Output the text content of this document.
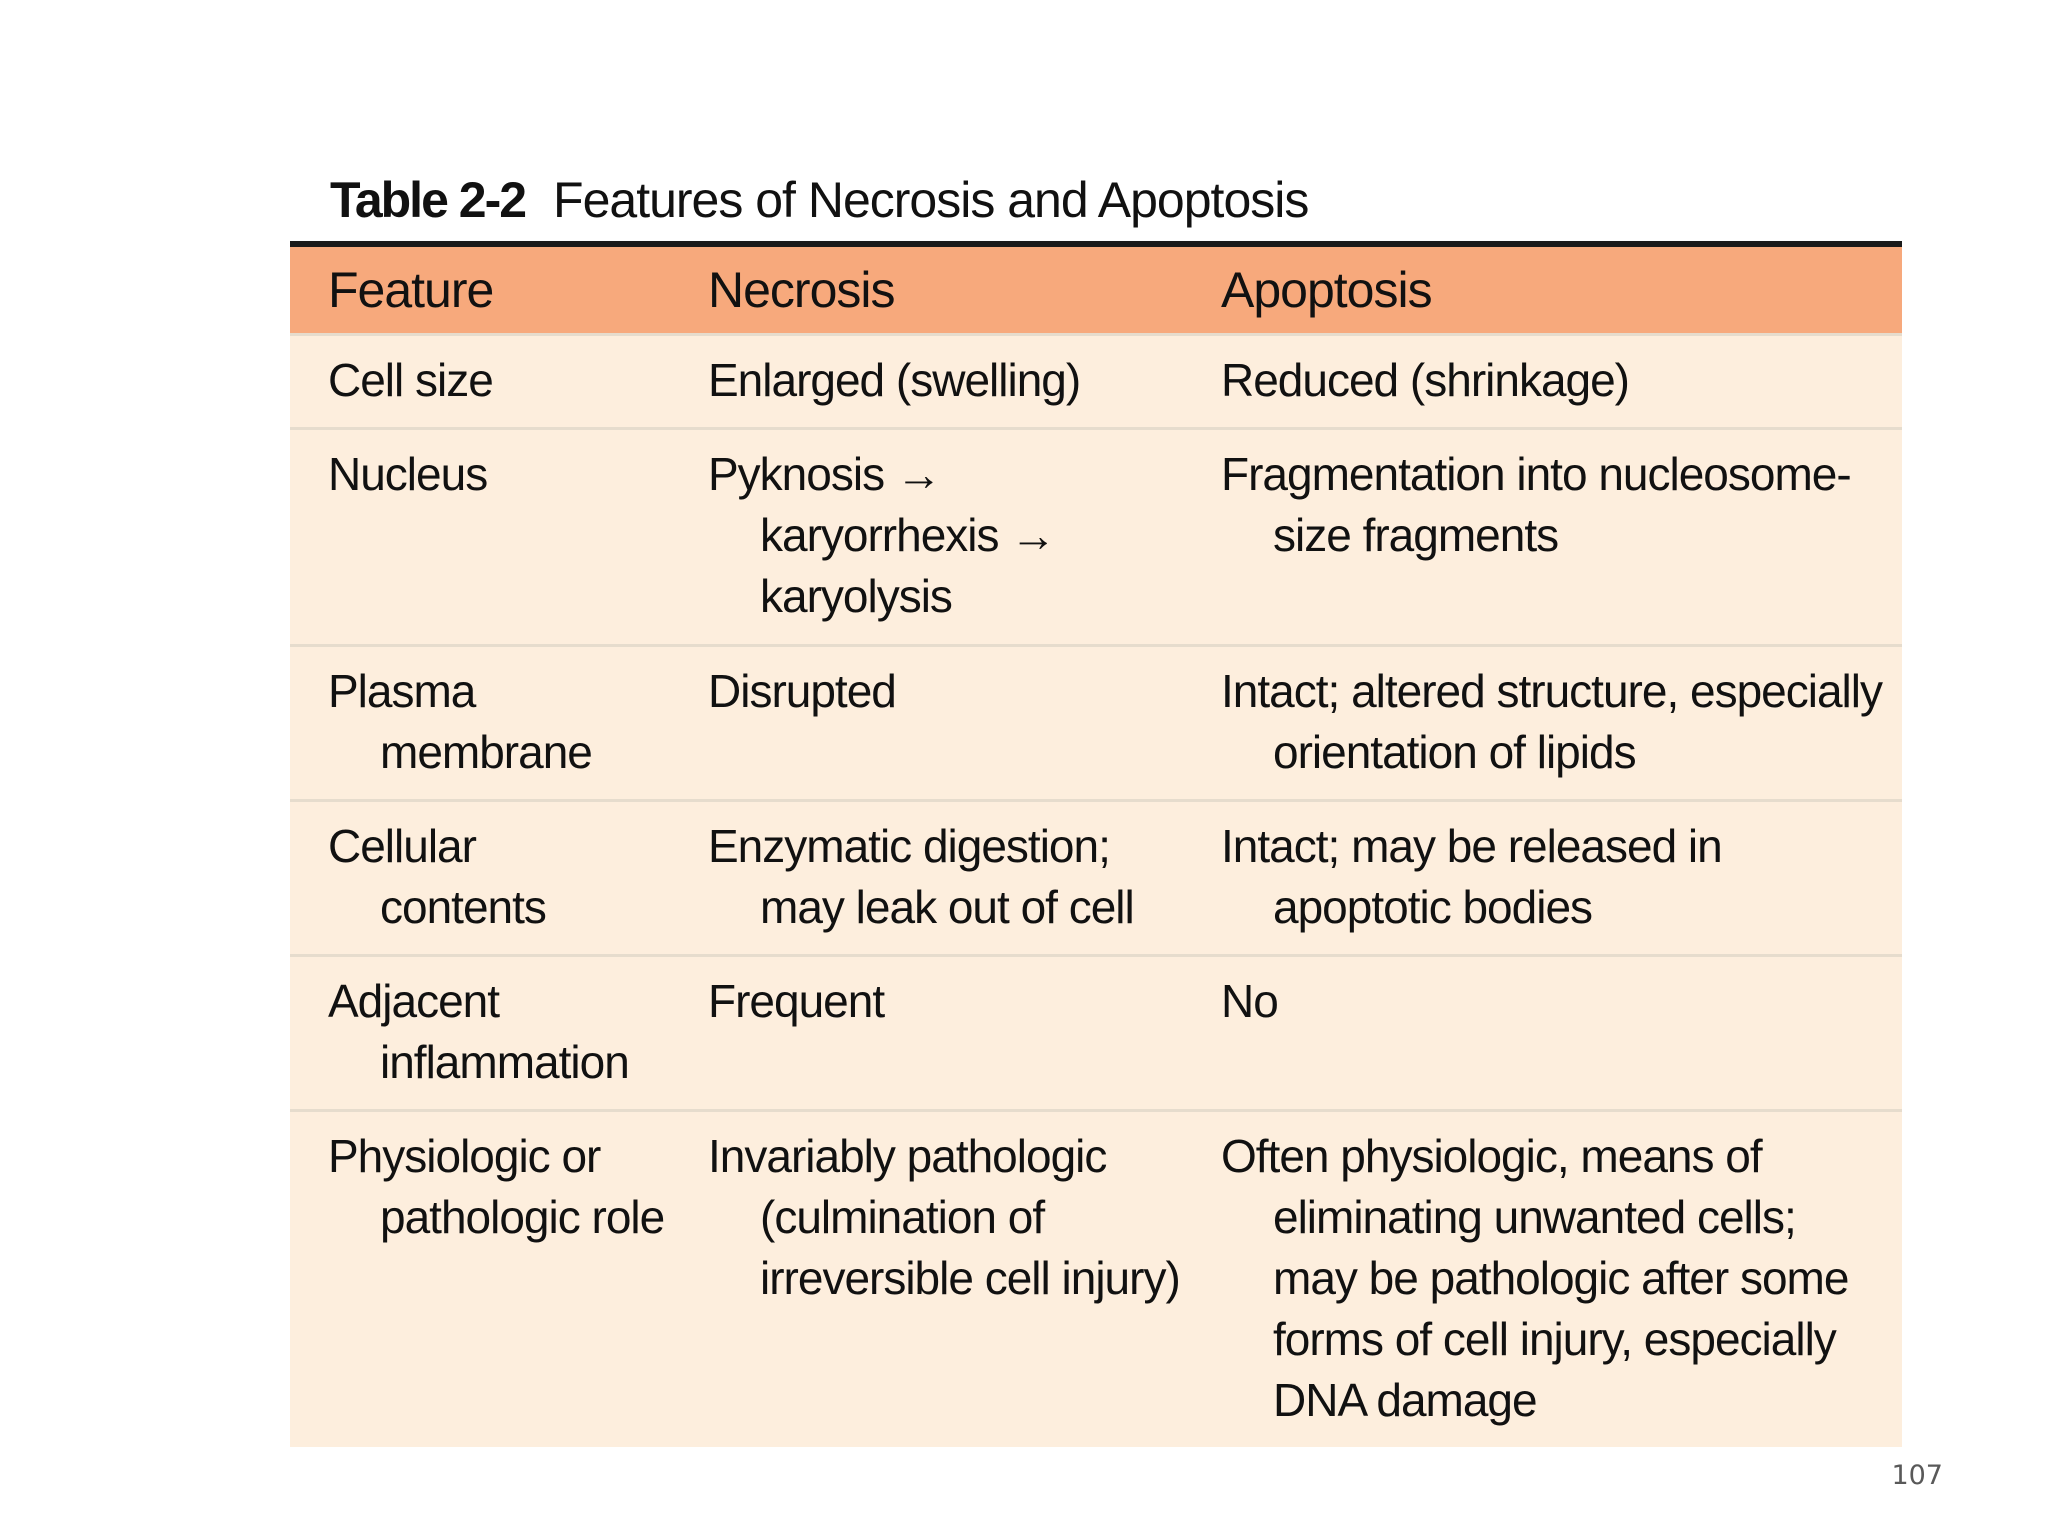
Table 2-2 Features of Necrosis and Apoptosis
Feature	Necrosis	Apoptosis

Cell size	Enlarged (swelling)	Reduced (shrinkage)

Nucleus	Pyknosis → karyorrhexis → karyolysis	Fragmentation into nucleosome-size fragments

Plasma membrane	Disrupted	Intact; altered structure, especially orientation of lipids

Cellular contents	Enzymatic digestion; may leak out of cell	Intact; may be released in apoptotic bodies

Adjacent inflammation	Frequent	No

Physiologic or pathologic role	Invariably pathologic (culmination of irreversible cell injury)	Often physiologic, means of eliminating unwanted cells; may be pathologic after some forms of cell injury, especially DNA damage
107
